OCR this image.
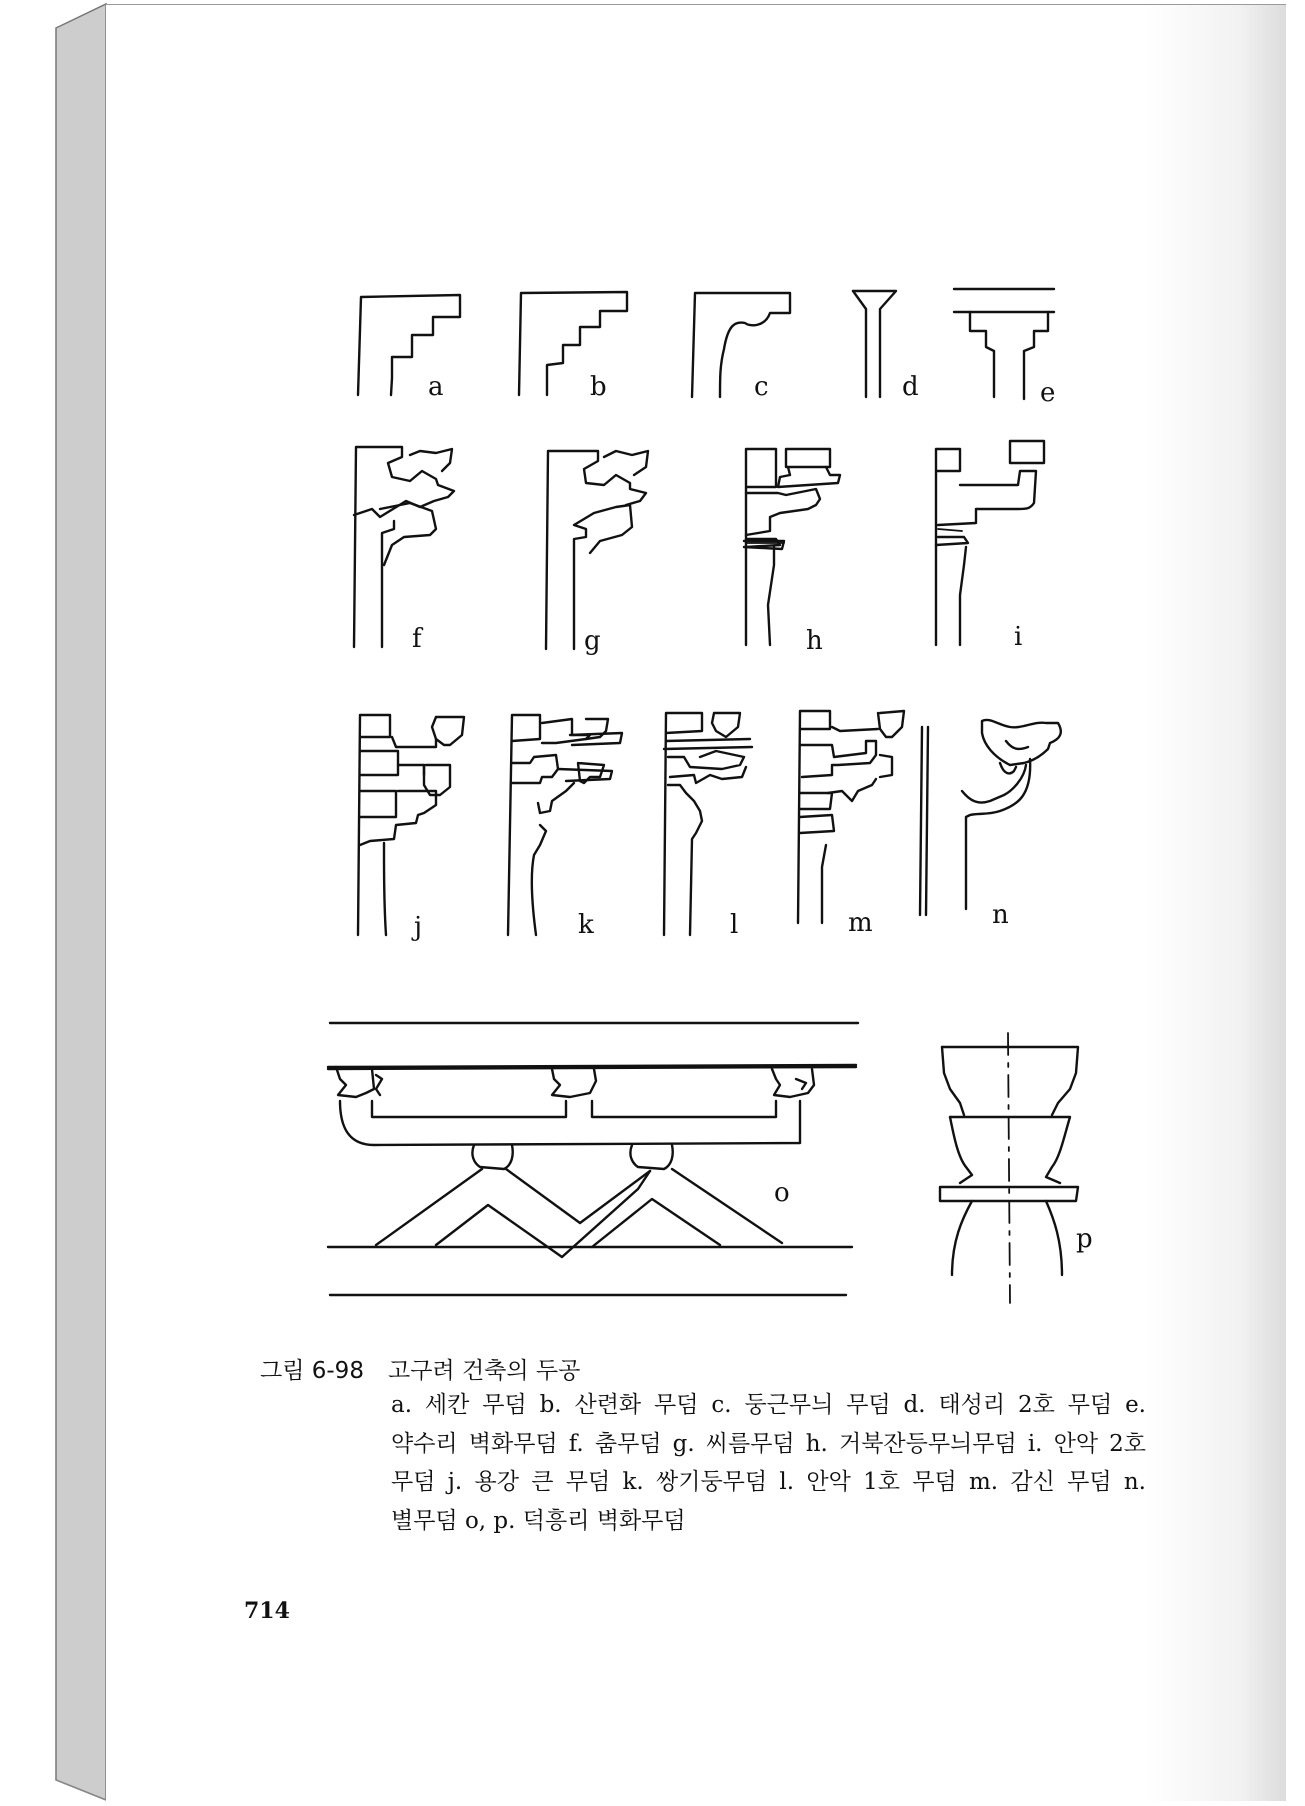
a	b	c	d	e
f	g	h	i
j	k	l	m	n
o
p
그림 6-98 고구려 건축의 두공
a. 세칸 무덤 b. 산련화 무덤 c. 둥근무늬 무덤 d. 태성리 2호 무덤 e. 약수리 벽화무덤 f. 춤무덤 g. 씨름무덤 h. 거북잔등무늬무덤 i. 안악 2호 무덤 j. 용강 큰 무덤 k. 쌍기둥무덤 l. 안악 1호 무덤 m. 감신 무덤 n. 별무덤 o, p. 덕흥리 벽화무덤
714
